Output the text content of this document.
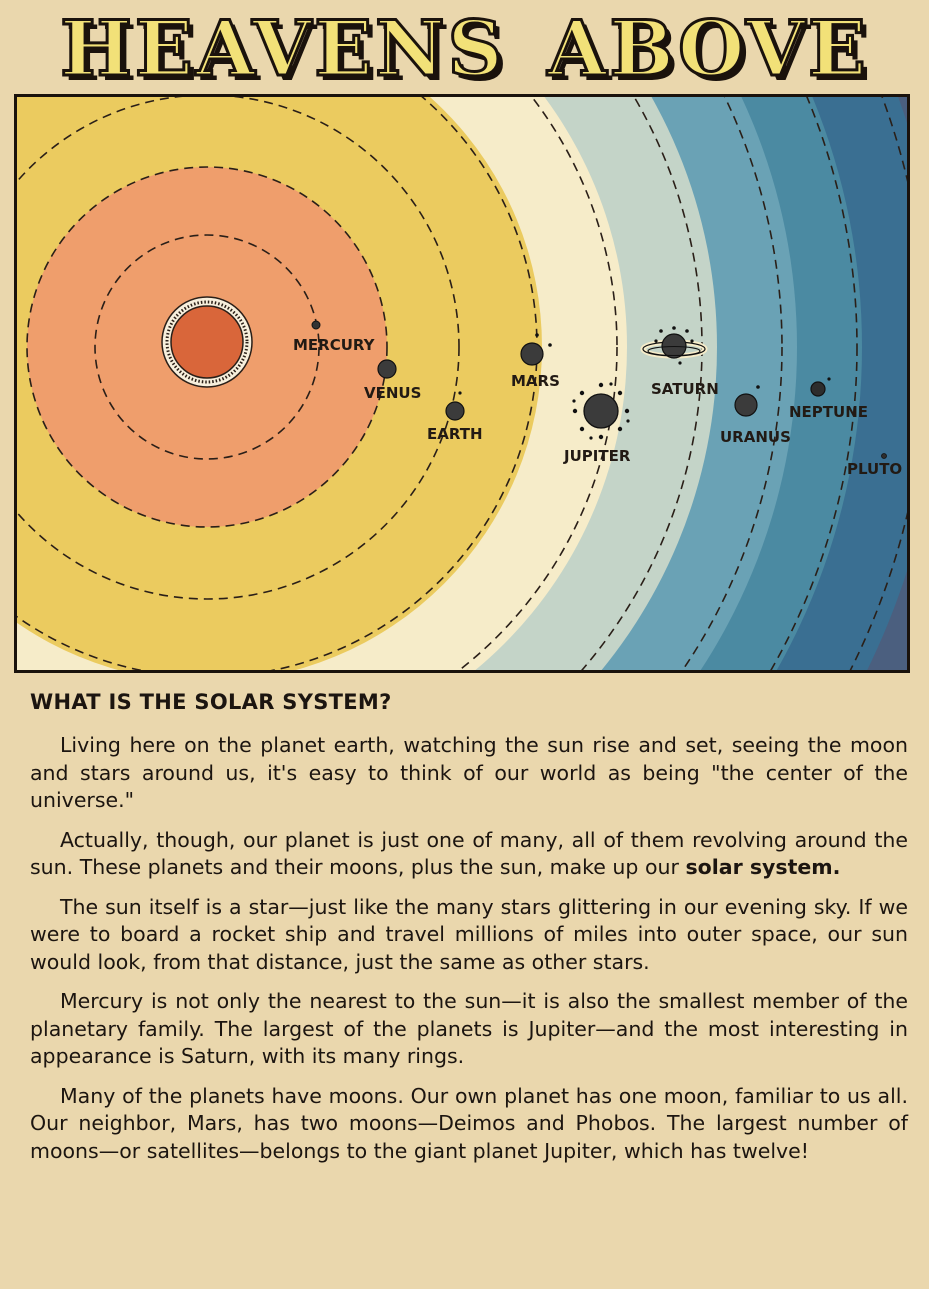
HEAVENS ABOVE
MERCURY
VENUS
EARTH
MARS
JUPITER
SATURN
URANUS
NEPTUNE
PLUTO
WHAT IS THE SOLAR SYSTEM?

Living here on the planet earth, watching the sun rise and set, seeing the moon and stars around us, it's easy to think of our world as being "the center of the universe."

Actually, though, our planet is just one of many, all of them revolving around the sun. These planets and their moons, plus the sun, make up our solar system.

The sun itself is a star—just like the many stars glittering in our evening sky. If we were to board a rocket ship and travel millions of miles into outer space, our sun would look, from that distance, just the same as other stars.

Mercury is not only the nearest to the sun—it is also the smallest member of the planetary family. The largest of the planets is Jupiter—and the most interesting in appearance is Saturn, with its many rings.

Many of the planets have moons. Our own planet has one moon, familiar to us all. Our neighbor, Mars, has two moons—Deimos and Phobos. The largest number of moons—or satellites—belongs to the giant planet Jupiter, which has twelve!
